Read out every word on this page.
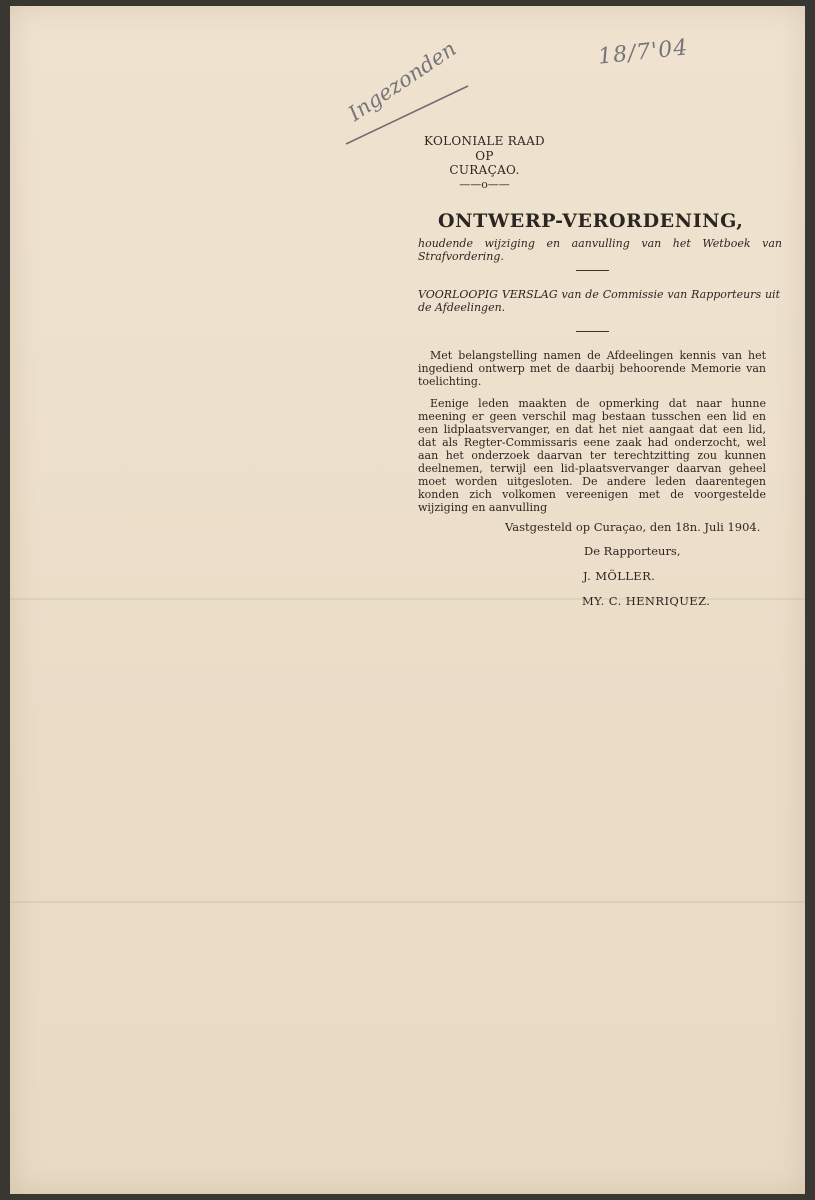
Ingezonden	18/7'04
KOLONIALE RAAD
OP
CURAÇAO.
——o——
ONTWERP-VERORDENING,
houdende wijziging en aanvulling van het Wetboek van Strafvordering.
VOORLOOPIG VERSLAG van de Commissie van Rapporteurs uit de Afdeelingen.

Met belangstelling namen de Afdeelingen kennis van het ingediend ontwerp met de daarbij behoorende Memorie van toelichting.

Eenige leden maakten de opmerking dat naar hunne meening er geen verschil mag bestaan tusschen een lid en een lidplaatsvervanger, en dat het niet aangaat dat een lid, dat als Regter-Commissaris eene zaak had onderzocht, wel aan het onderzoek daarvan ter terechtzitting zou kunnen deelnemen, terwijl een lid-plaatsvervanger daarvan geheel moet worden uitgesloten. De andere leden daarentegen konden zich volkomen vereenigen met de voorgestelde wijziging en aanvulling

Vastgesteld op Curaçao, den 18n. Juli 1904.
De Rapporteurs,
J. MÖLLER.
MY. C. HENRIQUEZ.
